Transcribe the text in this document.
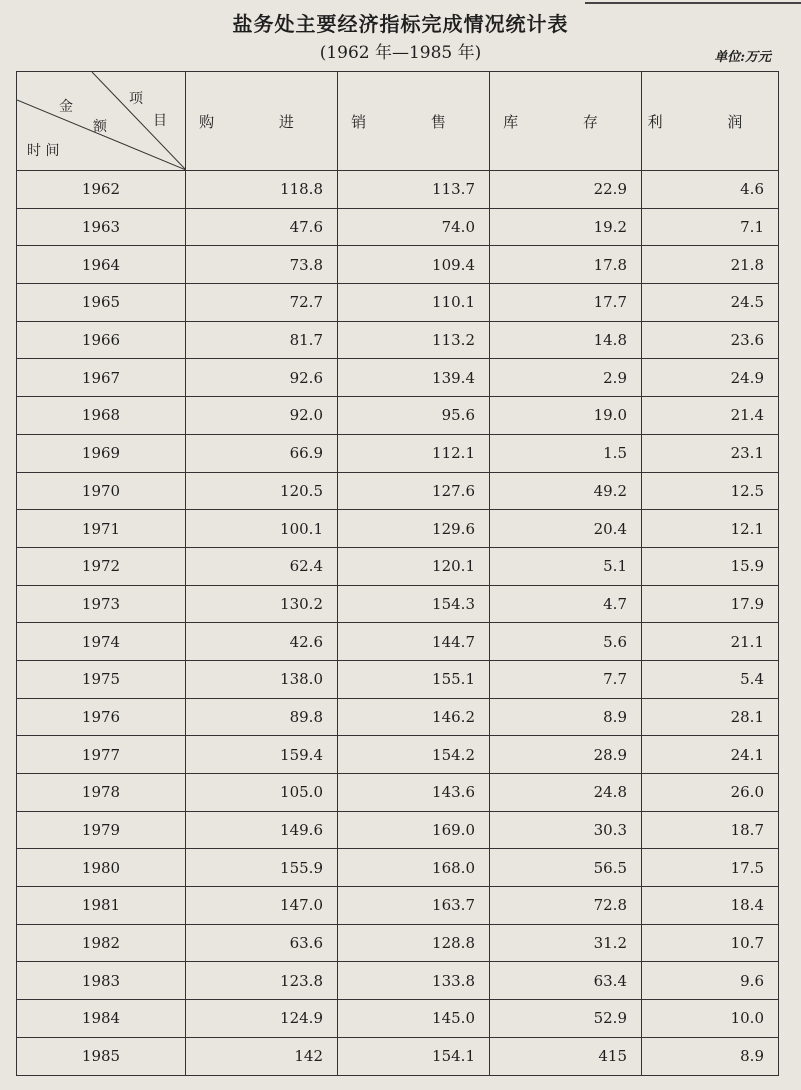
盐务处主要经济指标完成情况统计表
(1962 年—1985 年)	单位:万元
项
目
金
额
时 间	购 进	销 售	库 存	利 润
1962	118.8	113.7	22.9	4.6
1963	47.6	74.0	19.2	7.1
1964	73.8	109.4	17.8	21.8
1965	72.7	110.1	17.7	24.5
1966	81.7	113.2	14.8	23.6
1967	92.6	139.4	2.9	24.9
1968	92.0	95.6	19.0	21.4
1969	66.9	112.1	1.5	23.1
1970	120.5	127.6	49.2	12.5
1971	100.1	129.6	20.4	12.1
1972	62.4	120.1	5.1	15.9
1973	130.2	154.3	4.7	17.9
1974	42.6	144.7	5.6	21.1
1975	138.0	155.1	7.7	5.4
1976	89.8	146.2	8.9	28.1
1977	159.4	154.2	28.9	24.1
1978	105.0	143.6	24.8	26.0
1979	149.6	169.0	30.3	18.7
1980	155.9	168.0	56.5	17.5
1981	147.0	163.7	72.8	18.4
1982	63.6	128.8	31.2	10.7
1983	123.8	133.8	63.4	9.6
1984	124.9	145.0	52.9	10.0
1985	142	154.1	415	8.9
